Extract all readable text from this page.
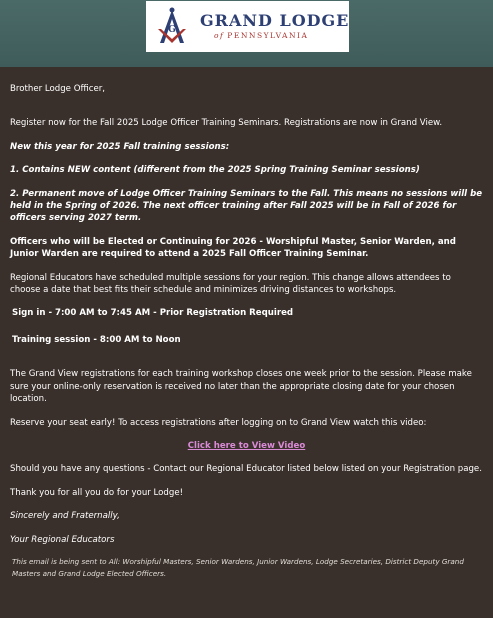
G GRAND LODGE
of PENNSYLVANIA

Brother Lodge Officer,

Register now for the Fall 2025 Lodge Officer Training Seminars. Registrations are now in Grand View.

New this year for 2025 Fall training sessions:

1. Contains NEW content (different from the 2025 Spring Training Seminar sessions)

2. Permanent move of Lodge Officer Training Seminars to the Fall. This means no sessions will be held in the Spring of 2026. The next officer training after Fall 2025 will be in Fall of 2026 for officers serving 2027 term.

Officers who will be Elected or Continuing for 2026 - Worshipful Master, Senior Warden, and Junior Warden are required to attend a 2025 Fall Officer Training Seminar.

Regional Educators have scheduled multiple sessions for your region. This change allows attendees to choose a date that best fits their schedule and minimizes driving distances to workshops.

Sign in - 7:00 AM to 7:45 AM - Prior Registration Required

Training session - 8:00 AM to Noon

The Grand View registrations for each training workshop closes one week prior to the session. Please make sure your online-only reservation is received no later than the appropriate closing date for your chosen location.

Reserve your seat early! To access registrations after logging on to Grand View watch this video:

Click here to View Video

Should you have any questions - Contact our Regional Educator listed below listed on your Registration page.

Thank you for all you do for your Lodge!

Sincerely and Fraternally,

Your Regional Educators

This email is being sent to All: Worshipful Masters, Senior Wardens, Junior Wardens, Lodge Secretaries, District Deputy Grand Masters and Grand Lodge Elected Officers.
